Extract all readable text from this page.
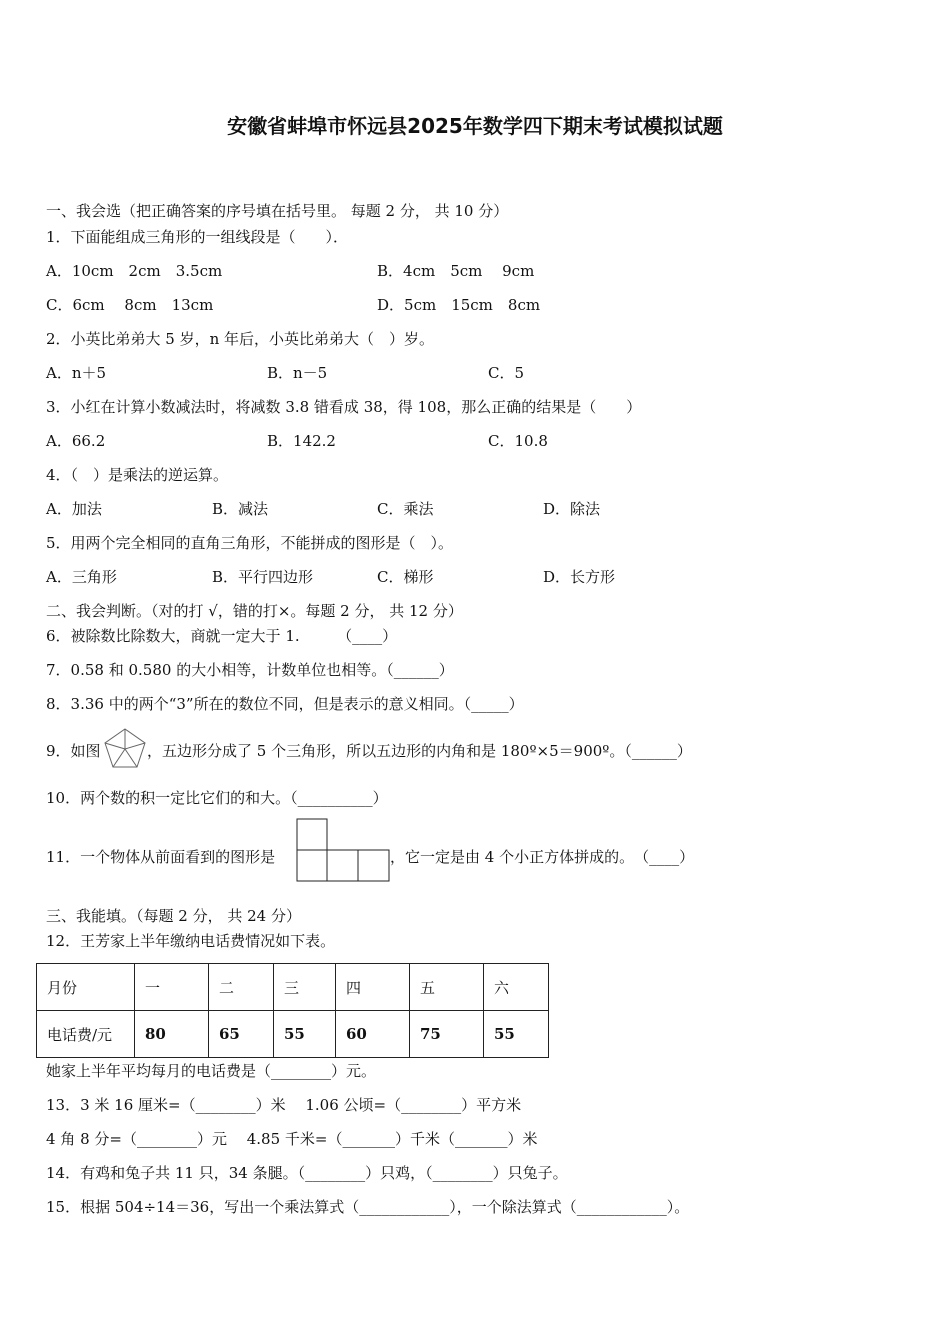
安徽省蚌埠市怀远县2025年数学四下期末考试模拟试题
一、我会选（把正确答案的序号填在括号里。 每题 2 分， 共 10 分）
1．下面能组成三角形的一组线段是（　　）．
A．10cm　2cm　3.5cm	B．4cm　5cm　 9cm
C．6cm　 8cm　13cm	D．5cm　15cm　8cm
2．小英比弟弟大 5 岁，n 年后，小英比弟弟大（　）岁。
A．n＋5	B．n－5	C．5
3．小红在计算小数减法时，将减数 3.8 错看成 38，得 108，那么正确的结果是（　　）
A．66.2	B．142.2	C．10.8
4．（　）是乘法的逆运算。
A．加法	B．减法	C．乘法	D．除法
5．用两个完全相同的直角三角形，不能拼成的图形是（　）。
A．三角形	B．平行四边形	C．梯形	D．长方形
二、我会判断。（对的打 √，错的打×。每题 2 分， 共 12 分）
6．被除数比除数大，商就一定大于 1.　　　（____）
7．0.58 和 0.580 的大小相等，计数单位也相等。（______）
8．3.36 中的两个“3”所在的数位不同，但是表示的意义相同。（_____）
9．如图	，五边形分成了 5 个三角形，所以五边形的内角和是 180º×5＝900º。（______）
10．两个数的积一定比它们的和大。（__________）
11．一个物体从前面看到的图形是	，它一定是由 4 个小正方体拼成的。　（____）
三、我能填。（每题 2 分， 共 24 分）
12．王芳家上半年缴纳电话费情况如下表。
月份	一	二	三	四	五	六
电话费/元	80	65	55	60	75	55
她家上半年平均每月的电话费是（________）元。
13．3 米 16 厘米=（________）米　 1.06 公顷=（________）平方米
4 角 8 分=（________）元　 4.85 千米=（_______）千米（_______）米
14．有鸡和兔子共 11 只，34 条腿。（________）只鸡，（________）只兔子。
15．根据 504÷14＝36，写出一个乘法算式（____________），一个除法算式（____________）。
